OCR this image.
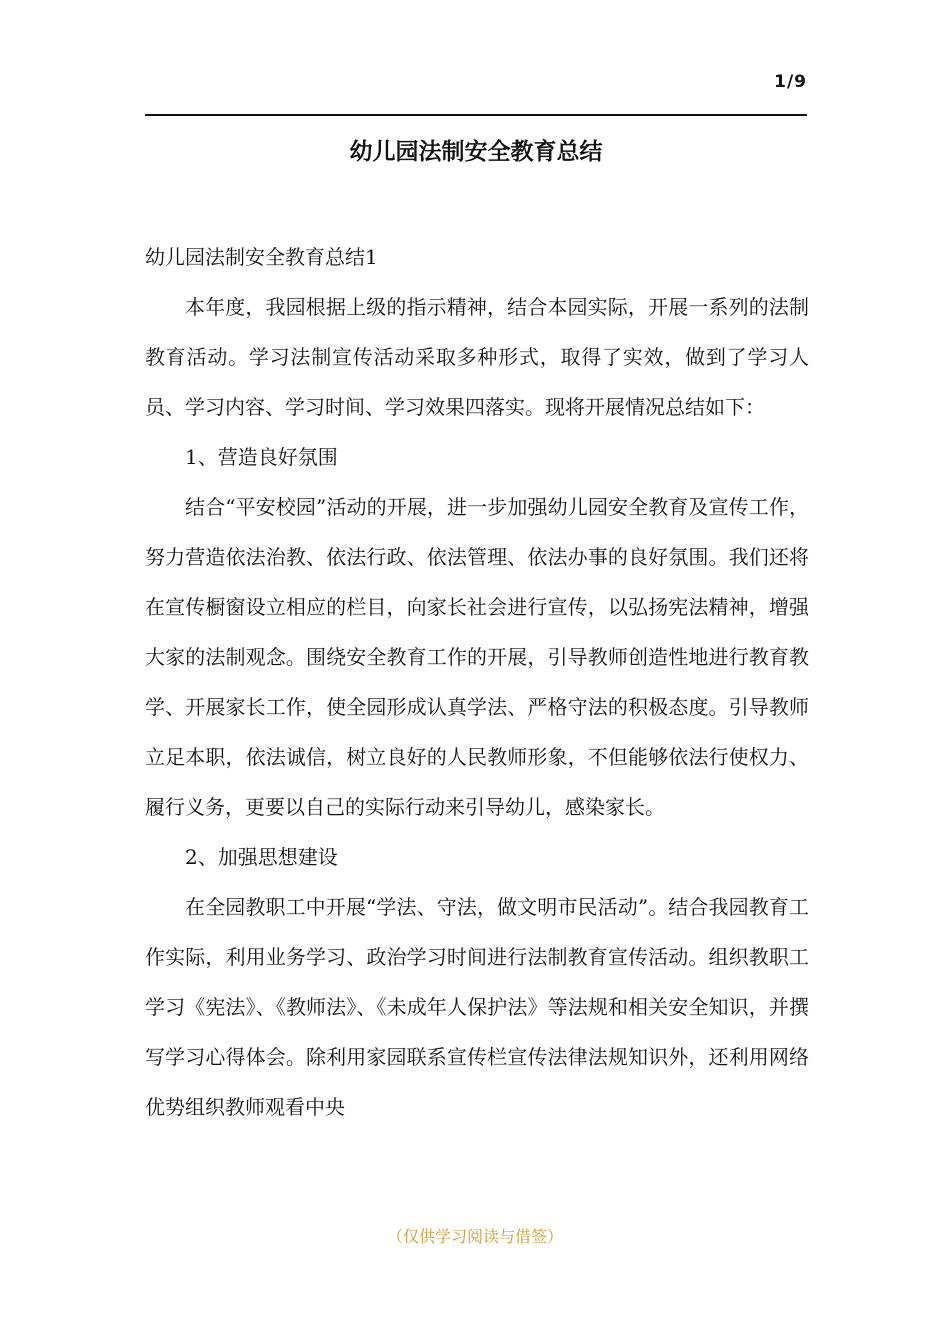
1/9
幼儿园法制安全教育总结

幼儿园法制安全教育总结1

本年度，我园根据上级的指示精神，结合本园实际，开展一系列的法制教育活动。学习法制宣传活动采取多种形式，取得了实效，做到了学习人员、学习内容、学习时间、学习效果四落实。现将开展情况总结如下：

1、营造良好氛围

结合“平安校园”活动的开展，进一步加强幼儿园安全教育及宣传工作，努力营造依法治教、依法行政、依法管理、依法办事的良好氛围。我们还将在宣传橱窗设立相应的栏目，向家长社会进行宣传，以弘扬宪法精神，增强大家的法制观念。围绕安全教育工作的开展，引导教师创造性地进行教育教学、开展家长工作，使全园形成认真学法、严格守法的积极态度。引导教师立足本职，依法诚信，树立良好的人民教师形象，不但能够依法行使权力、履行义务，更要以自己的实际行动来引导幼儿，感染家长。

2、加强思想建设

在全园教职工中开展“学法、守法，做文明市民活动”。结合我园教育工作实际，利用业务学习、政治学习时间进行法制教育宣传活动。组织教职工学习《宪法》、《教师法》、《未成年人保护法》等法规和相关安全知识，并撰写学习心得体会。除利用家园联系宣传栏宣传法律法规知识外，还利用网络优势组织教师观看中央

（仅供学习阅读与借签）
